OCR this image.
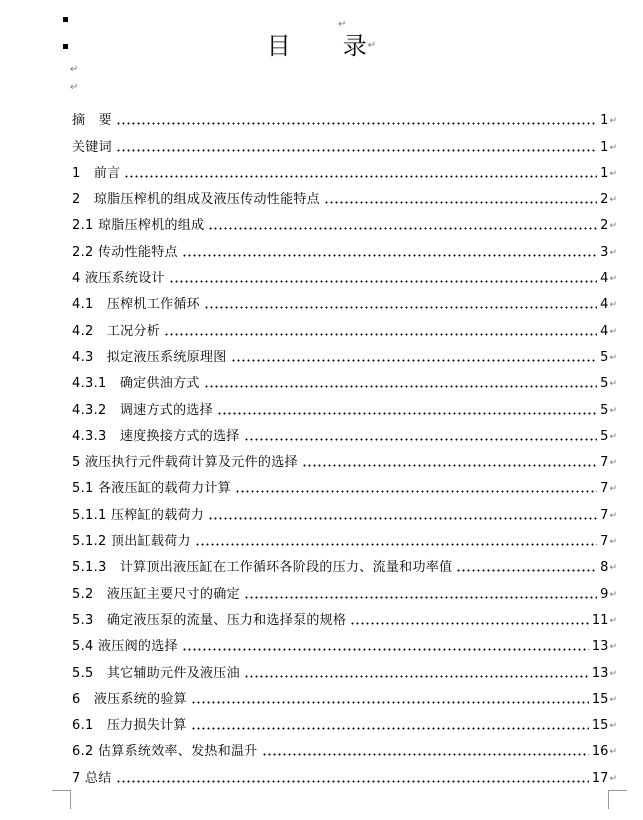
↵
目 录↵
↵
↵
摘　要	1 ↵
关键词	1 ↵
1　前言	1 ↵
2　琼脂压榨机的组成及液压传动性能特点	2 ↵
2.1 琼脂压榨机的组成	2 ↵
2.2 传动性能特点	3 ↵
4 液压系统设计	4 ↵
4.1　压榨机工作循环	4 ↵
4.2　工况分析	4 ↵
4.3　拟定液压系统原理图	5 ↵
4.3.1　确定供油方式	5 ↵
4.3.2　调速方式的选择	5 ↵
4.3.3　速度换接方式的选择	5 ↵
5 液压执行元件载荷计算及元件的选择	7 ↵
5.1 各液压缸的载荷力计算	7 ↵
5.1.1 压榨缸的载荷力	7 ↵
5.1.2 顶出缸载荷力	7 ↵
5.1.3　计算顶出液压缸在工作循环各阶段的压力、流量和功率值	8 ↵
5.2　液压缸主要尺寸的确定	9 ↵
5.3　确定液压泵的流量、压力和选择泵的规格	11 ↵
5.4 液压阀的选择	13 ↵
5.5　其它辅助元件及液压油	13 ↵
6　液压系统的验算	15 ↵
6.1　压力损失计算	15 ↵
6.2 估算系统效率、发热和温升	16 ↵
7 总结	17 ↵
